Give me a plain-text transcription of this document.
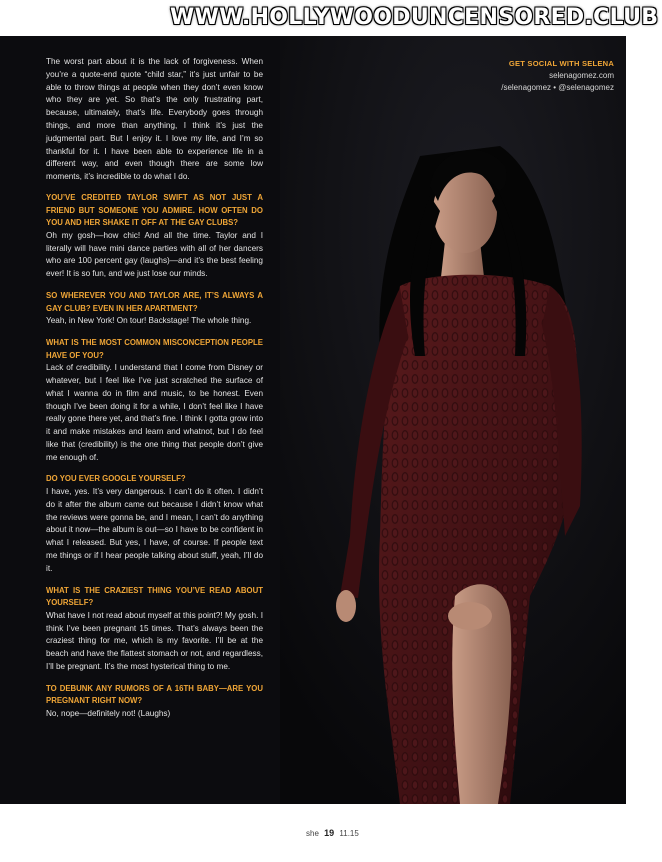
WWW.HOLLYWOODUNCENSORED.CLUB
GET SOCIAL WITH SELENA
selenagomez.com
/selenagomez • @selenagomez

The worst part about it is the lack of forgiveness. When you’re a quote-end quote “child star,” it’s just unfair to be able to throw things at people when they don’t even know who they are yet. So that’s the only frustrating part, because, ultimately, that’s life. Everybody goes through things, and more than anything, I think it’s just the judgmental part. But I enjoy it. I love my life, and I’m so thankful for it. I have been able to experience life in a different way, and even though there are some low moments, it’s incredible to do what I do.

YOU’VE CREDITED TAYLOR SWIFT AS NOT JUST A FRIEND BUT SOMEONE YOU ADMIRE. HOW OFTEN DO YOU AND HER SHAKE IT OFF AT THE GAY CLUBS?

Oh my gosh—how chic! And all the time. Taylor and I literally will have mini dance parties with all of her dancers who are 100 percent gay (laughs)—and it’s the best feeling ever! It is so fun, and we just lose our minds.

SO WHEREVER YOU AND TAYLOR ARE, IT’S ALWAYS A GAY CLUB? EVEN IN HER APARTMENT?

Yeah, in New York! On tour! Backstage! The whole thing.

WHAT IS THE MOST COMMON MISCONCEPTION PEOPLE HAVE OF YOU?

Lack of credibility. I understand that I come from Disney or whatever, but I feel like I’ve just scratched the surface of what I wanna do in film and music, to be honest. Even though I’ve been doing it for a while, I don’t feel like I have really gone there yet, and that’s fine. I think I gotta grow into it and make mistakes and learn and whatnot, but I do feel like that (credibility) is the one thing that people don’t give me enough of.

DO YOU EVER GOOGLE YOURSELF?

I have, yes. It’s very dangerous. I can’t do it often. I didn’t do it after the album came out because I didn’t know what the reviews were gonna be, and I mean, I can’t do anything about it now—the album is out—so I have to be confident in what I released. But yes, I have, of course. If people text me things or if I hear people talking about stuff, yeah, I’ll do it.

WHAT IS THE CRAZIEST THING YOU’VE READ ABOUT YOURSELF?

What have I not read about myself at this point?! My gosh. I think I’ve been pregnant 15 times. That’s always been the craziest thing for me, which is my favorite. I’ll be at the beach and have the flattest stomach or not, and regardless, I’ll be pregnant. It’s the most hysterical thing to me.

TO DEBUNK ANY RUMORS OF A 16TH BABY—ARE YOU PREGNANT RIGHT NOW?

No, nope—definitely not! (Laughs)

she 19 11.15
